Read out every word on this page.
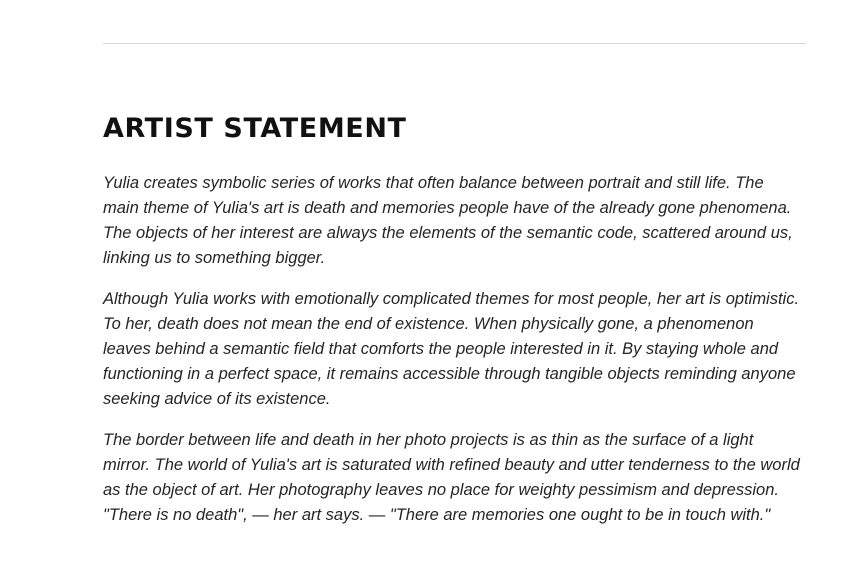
ARTIST STATEMENT

Yulia creates symbolic series of works that often balance between portrait and still life. The main theme of Yulia's art is death and memories people have of the already gone phenomena. The objects of her interest are always the elements of the semantic code, scattered around us, linking us to something bigger.

Although Yulia works with emotionally complicated themes for most people, her art is optimistic. To her, death does not mean the end of existence. When physically gone, a phenomenon leaves behind a semantic field that comforts the people interested in it. By staying whole and functioning in a perfect space, it remains accessible through tangible objects reminding anyone seeking advice of its existence.

The border between life and death in her photo projects is as thin as the surface of a light mirror. The world of Yulia's art is saturated with refined beauty and utter tenderness to the world as the object of art. Her photography leaves no place for weighty pessimism and depression. "There is no death", — her art says. — "There are memories one ought to be in touch with."
